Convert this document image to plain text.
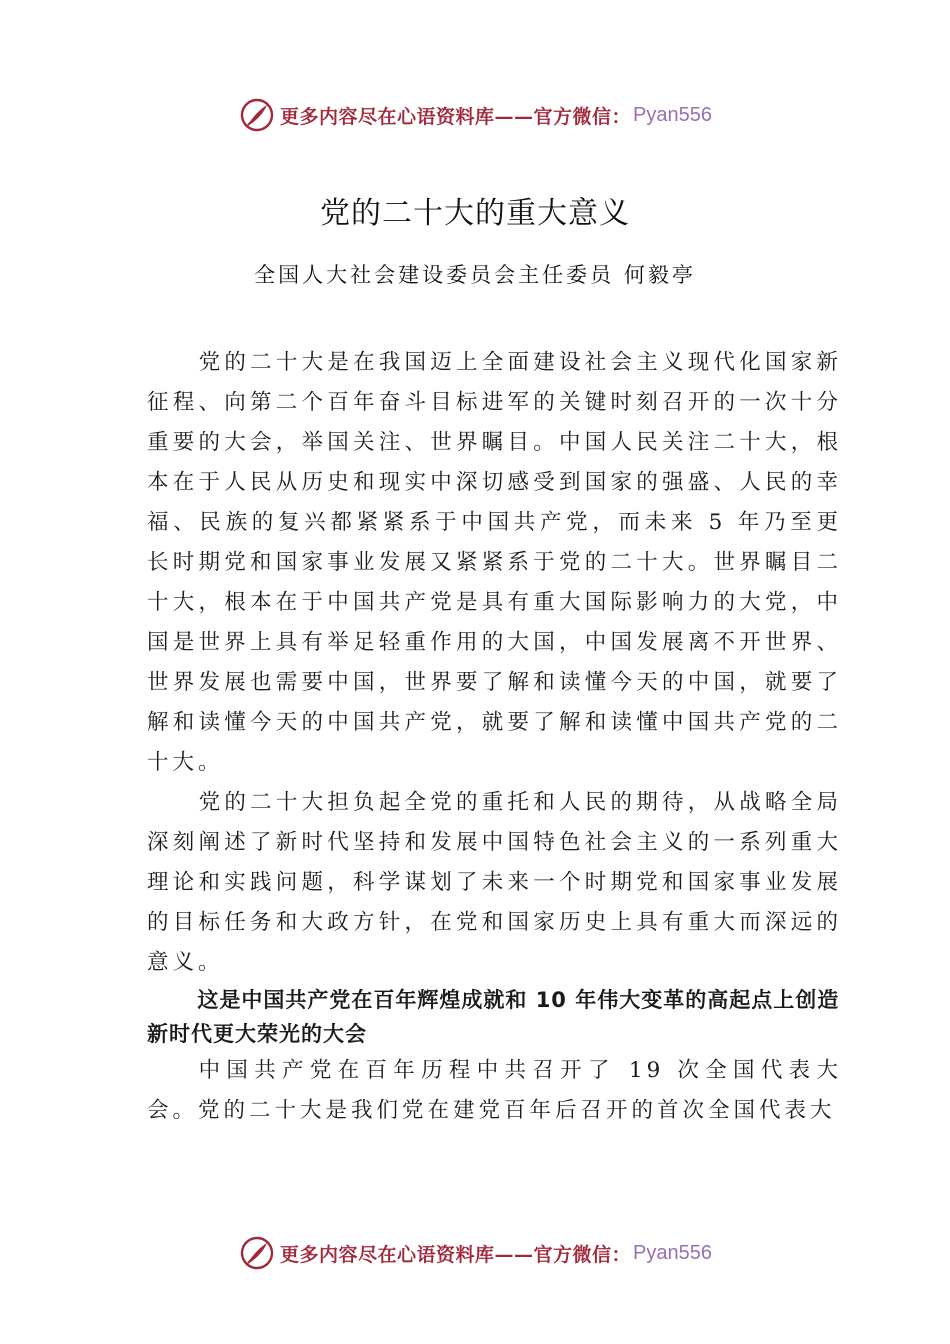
更多内容尽在心语资料库——官方微信： Pyan556
党的二十大的重大意义
全国人大社会建设委员会主任委员 何毅亭

党的二十大是在我国迈上全面建设社会主义现代化国家新征程、向第二个百年奋斗目标进军的关键时刻召开的一次十分重要的大会，举国关注、世界瞩目。中国人民关注二十大，根本在于人民从历史和现实中深切感受到国家的强盛、人民的幸福、民族的复兴都紧紧系于中国共产党，而未来 5 年乃至更长时期党和国家事业发展又紧紧系于党的二十大。世界瞩目二十大，根本在于中国共产党是具有重大国际影响力的大党，中国是世界上具有举足轻重作用的大国，中国发展离不开世界、世界发展也需要中国，世界要了解和读懂今天的中国，就要了解和读懂今天的中国共产党，就要了解和读懂中国共产党的二十大。

党的二十大担负起全党的重托和人民的期待，从战略全局深刻阐述了新时代坚持和发展中国特色社会主义的一系列重大理论和实践问题，科学谋划了未来一个时期党和国家事业发展的目标任务和大政方针，在党和国家历史上具有重大而深远的意义。

这是中国共产党在百年辉煌成就和 10 年伟大变革的高起点上创造新时代更大荣光的大会

中国共产党在百年历程中共召开了 19 次全国代表大会。党的二十大是我们党在建党百年后召开的首次全国代表大

更多内容尽在心语资料库——官方微信： Pyan556
